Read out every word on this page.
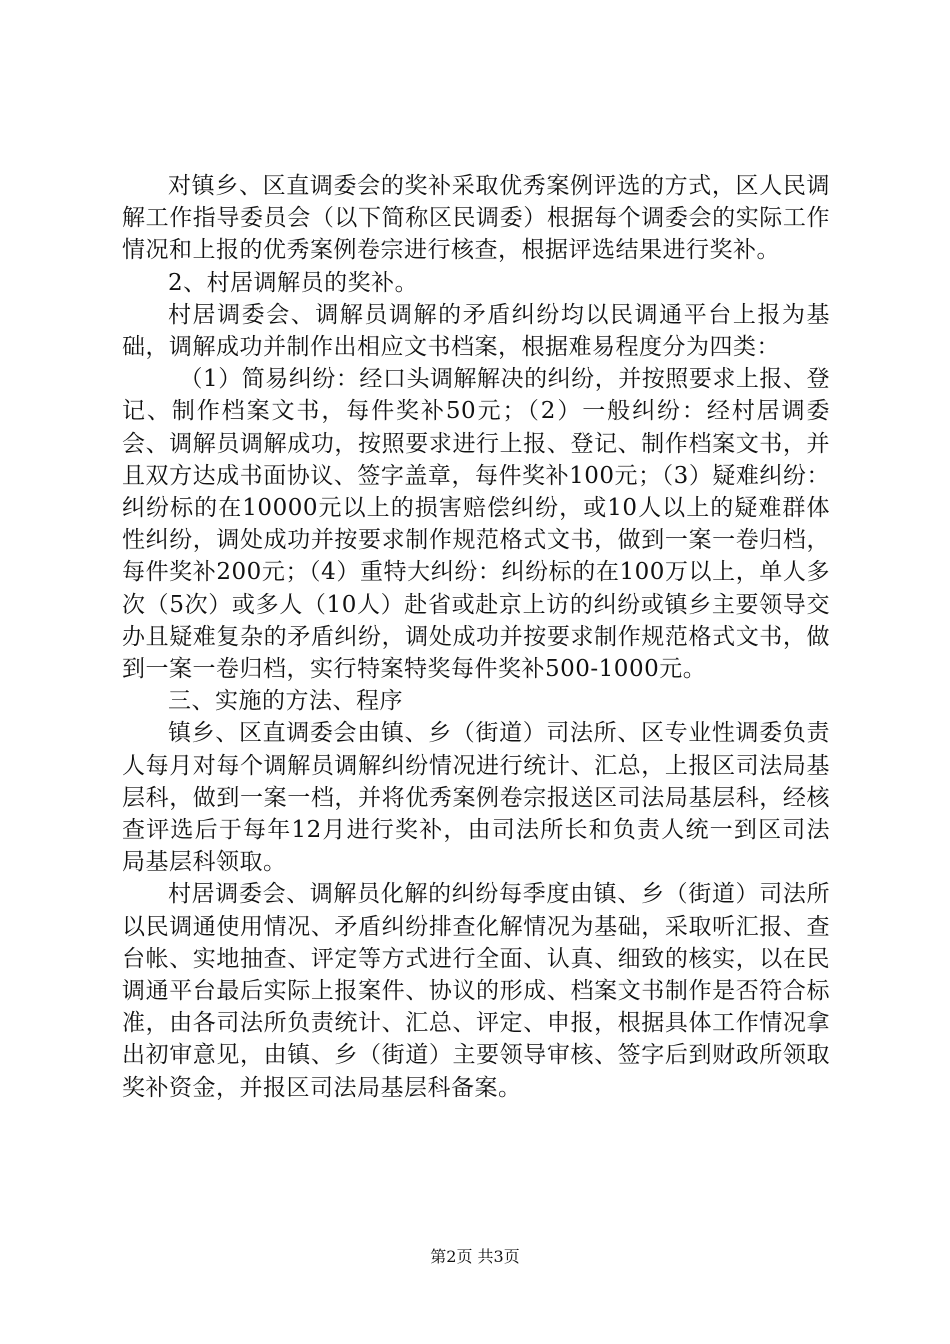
对镇乡、区直调委会的奖补采取优秀案例评选的方式，区人民调解工作指导委员会（以下简称区民调委）根据每个调委会的实际工作情况和上报的优秀案例卷宗进行核查，根据评选结果进行奖补。

2、村居调解员的奖补。

村居调委会、调解员调解的矛盾纠纷均以民调通平台上报为基础，调解成功并制作出相应文书档案，根据难易程度分为四类：

（1）简易纠纷：经口头调解解决的纠纷，并按照要求上报、登记、制作档案文书，每件奖补50元；（2）一般纠纷：经村居调委会、调解员调解成功，按照要求进行上报、登记、制作档案文书，并且双方达成书面协议、签字盖章，每件奖补100元；（3）疑难纠纷：纠纷标的在10000元以上的损害赔偿纠纷，或10人以上的疑难群体性纠纷，调处成功并按要求制作规范格式文书，做到一案一卷归档，每件奖补200元；（4）重特大纠纷：纠纷标的在100万以上，单人多次（5次）或多人（10人）赴省或赴京上访的纠纷或镇乡主要领导交办且疑难复杂的矛盾纠纷，调处成功并按要求制作规范格式文书，做到一案一卷归档，实行特案特奖每件奖补500-1000元。

三、实施的方法、程序

镇乡、区直调委会由镇、乡（街道）司法所、区专业性调委负责人每月对每个调解员调解纠纷情况进行统计、汇总，上报区司法局基层科，做到一案一档，并将优秀案例卷宗报送区司法局基层科，经核查评选后于每年12月进行奖补，由司法所长和负责人统一到区司法局基层科领取。

村居调委会、调解员化解的纠纷每季度由镇、乡（街道）司法所以民调通使用情况、矛盾纠纷排查化解情况为基础，采取听汇报、查台帐、实地抽查、评定等方式进行全面、认真、细致的核实，以在民调通平台最后实际上报案件、协议的形成、档案文书制作是否符合标准，由各司法所负责统计、汇总、评定、申报，根据具体工作情况拿出初审意见，由镇、乡（街道）主要领导审核、签字后到财政所领取奖补资金，并报区司法局基层科备案。

第2页 共3页
